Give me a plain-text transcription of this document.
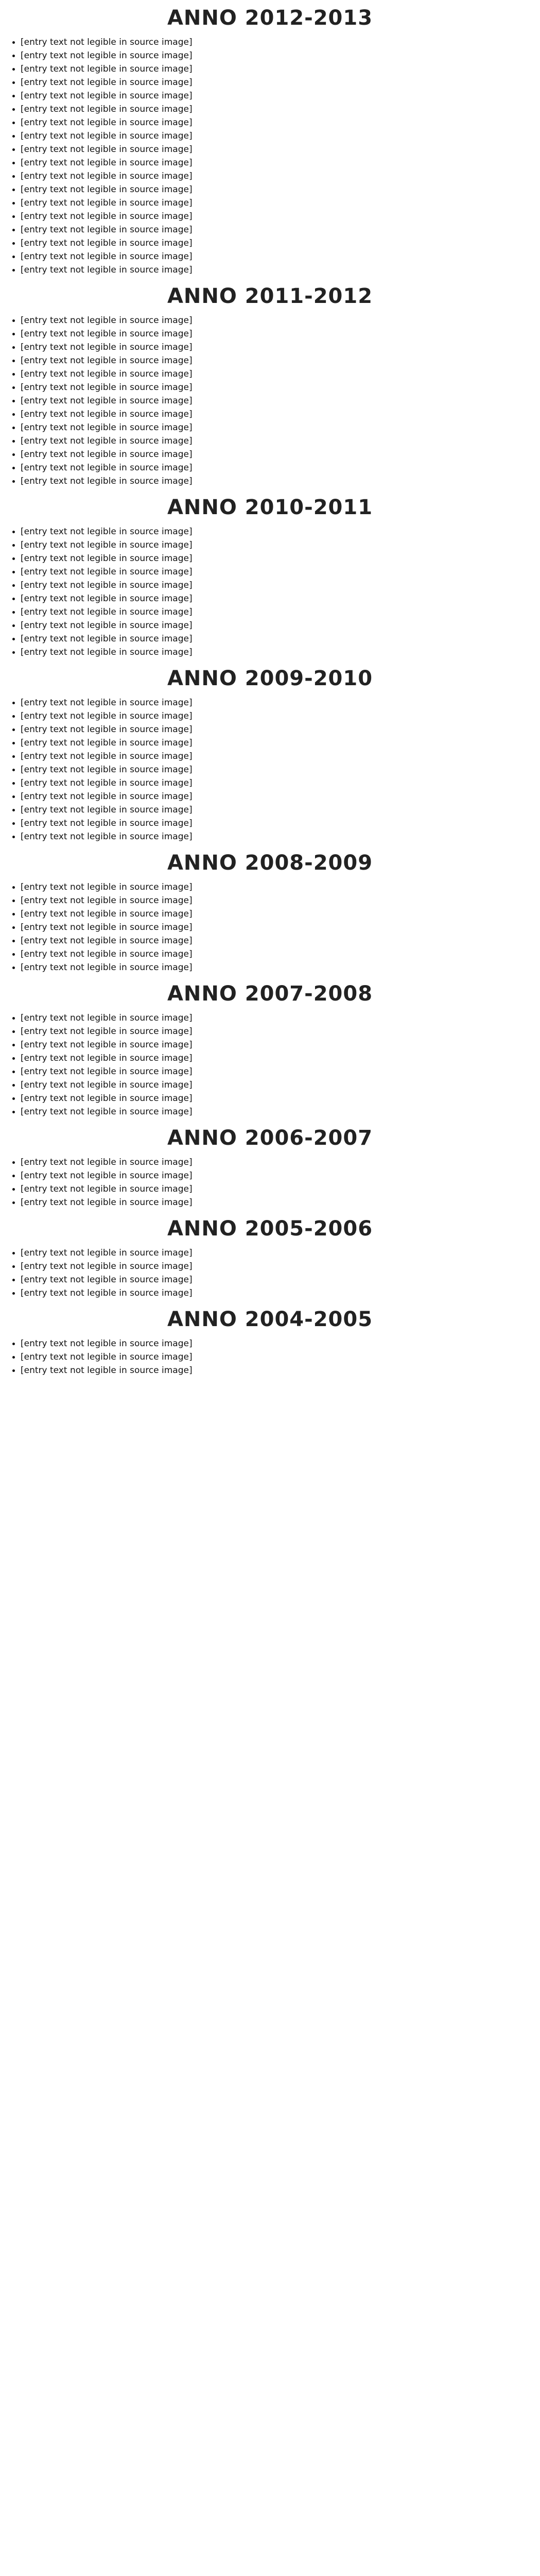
ANNO 2012-2013
[entry text not legible in source image]
[entry text not legible in source image]
[entry text not legible in source image]
[entry text not legible in source image]
[entry text not legible in source image]
[entry text not legible in source image]
[entry text not legible in source image]
[entry text not legible in source image]
[entry text not legible in source image]
[entry text not legible in source image]
[entry text not legible in source image]
[entry text not legible in source image]
[entry text not legible in source image]
[entry text not legible in source image]
[entry text not legible in source image]
[entry text not legible in source image]
[entry text not legible in source image]
[entry text not legible in source image]
ANNO 2011-2012
[entry text not legible in source image]
[entry text not legible in source image]
[entry text not legible in source image]
[entry text not legible in source image]
[entry text not legible in source image]
[entry text not legible in source image]
[entry text not legible in source image]
[entry text not legible in source image]
[entry text not legible in source image]
[entry text not legible in source image]
[entry text not legible in source image]
[entry text not legible in source image]
[entry text not legible in source image]
ANNO 2010-2011
[entry text not legible in source image]
[entry text not legible in source image]
[entry text not legible in source image]
[entry text not legible in source image]
[entry text not legible in source image]
[entry text not legible in source image]
[entry text not legible in source image]
[entry text not legible in source image]
[entry text not legible in source image]
[entry text not legible in source image]
ANNO 2009-2010
[entry text not legible in source image]
[entry text not legible in source image]
[entry text not legible in source image]
[entry text not legible in source image]
[entry text not legible in source image]
[entry text not legible in source image]
[entry text not legible in source image]
[entry text not legible in source image]
[entry text not legible in source image]
[entry text not legible in source image]
[entry text not legible in source image]
ANNO 2008-2009
[entry text not legible in source image]
[entry text not legible in source image]
[entry text not legible in source image]
[entry text not legible in source image]
[entry text not legible in source image]
[entry text not legible in source image]
[entry text not legible in source image]
ANNO 2007-2008
[entry text not legible in source image]
[entry text not legible in source image]
[entry text not legible in source image]
[entry text not legible in source image]
[entry text not legible in source image]
[entry text not legible in source image]
[entry text not legible in source image]
[entry text not legible in source image]
ANNO 2006-2007
[entry text not legible in source image]
[entry text not legible in source image]
[entry text not legible in source image]
[entry text not legible in source image]
ANNO 2005-2006
[entry text not legible in source image]
[entry text not legible in source image]
[entry text not legible in source image]
[entry text not legible in source image]
ANNO 2004-2005
[entry text not legible in source image]
[entry text not legible in source image]
[entry text not legible in source image]
